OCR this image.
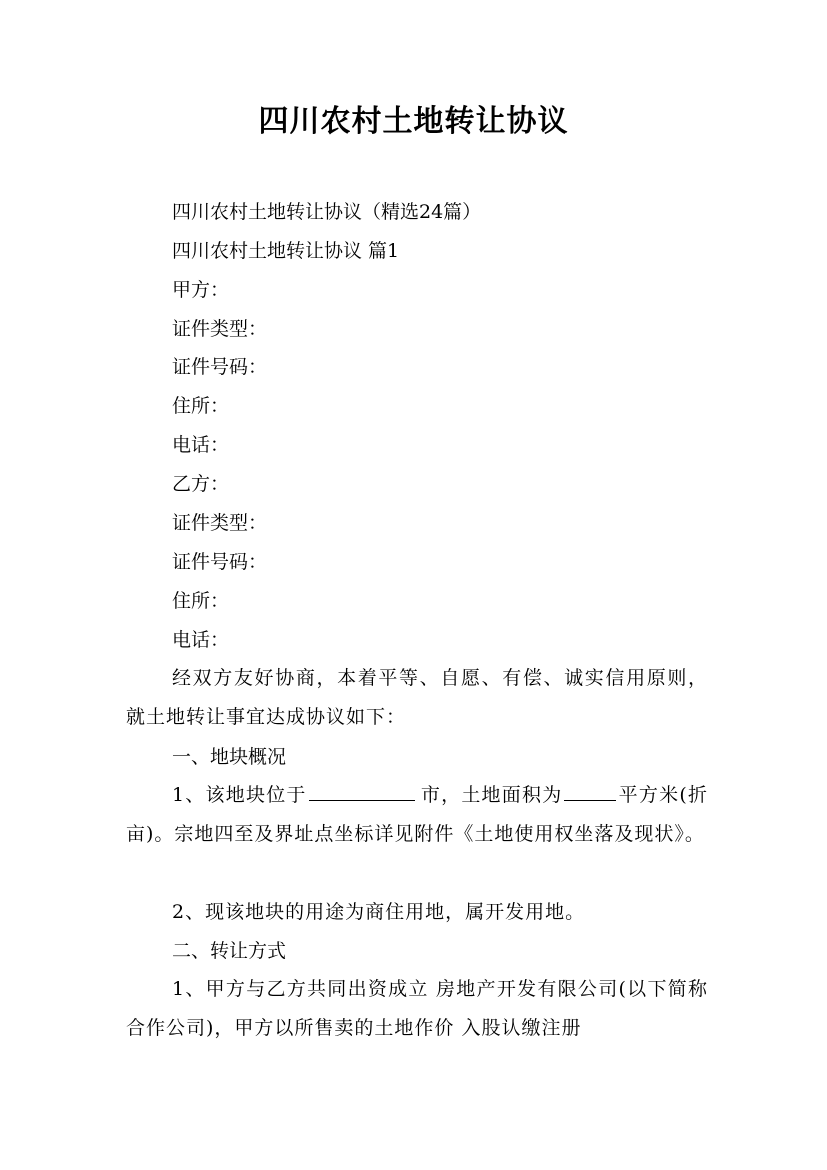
四川农村土地转让协议
四川农村土地转让协议（精选24篇）
四川农村土地转让协议 篇1
甲方：
证件类型：
证件号码：
住所：
电话：
乙方：
证件类型：
证件号码：
住所：
电话：
经双方友好协商，本着平等、自愿、有偿、诚实信用原则，就土地转让事宜达成协议如下：
一、地块概况
1、该地块位于	市，土地面积为	平方米(折 亩)。宗地四至及界址点坐标详见附件《土地使用权坐落及现状》。
2、现该地块的用途为商住用地，属开发用地。
二、转让方式
1、甲方与乙方共同出资成立 房地产开发有限公司(以下简称合作公司)，甲方以所售卖的土地作价 入股认缴注册
